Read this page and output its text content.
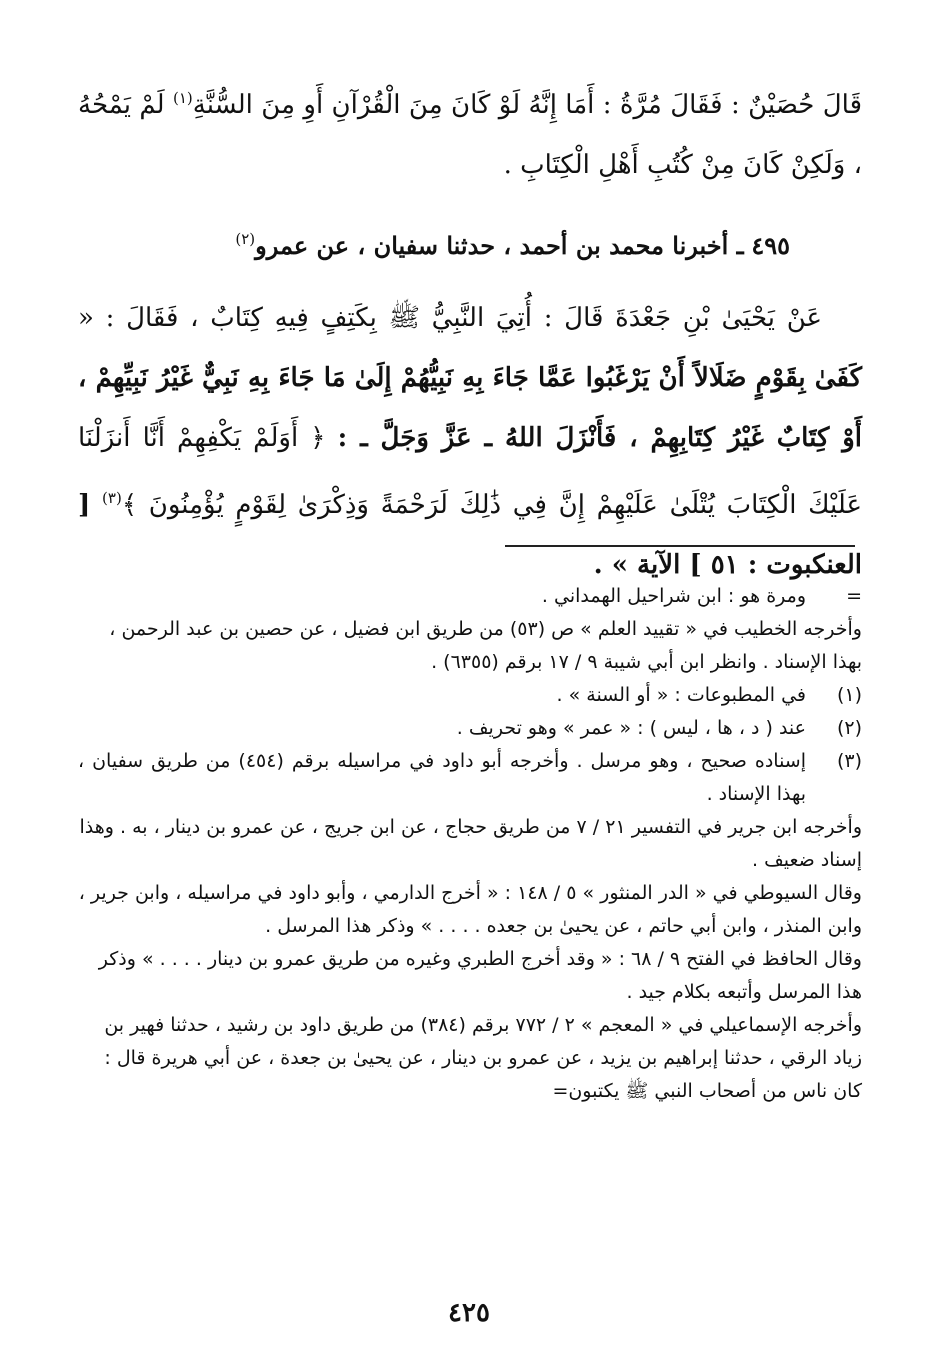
قَالَ حُصَيْنٌ : فَقَالَ مُرَّةُ : أَمَا إِنَّهُ لَوْ كَانَ مِنَ الْقُرْآنِ أَوِ مِنَ السُّنَّةِ$^{(١)}$ لَمْ يَمْحُهُ ، وَلَكِنْ كَانَ مِنْ كُتُبِ أَهْلِ الْكِتَابِ .

٤٩٥ ـ أخبرنا محمد بن أحمد ، حدثنا سفيان ، عن عمرو$^{(٢)}$

عَنْ يَحْيَىٰ بْنِ جَعْدَةَ قَالَ : أُتِيَ النَّبِيُّ ﷺ بِكَتِفٍ فِيهِ كِتَابٌ ، فَقَالَ : « كَفَىٰ بِقَوْمٍ ضَلَالاً أَنْ يَرْغَبُوا عَمَّا جَاءَ بِهِ نَبِيُّهُمْ إِلَىٰ مَا جَاءَ بِهِ نَبِيٌّ غَيْرُ نَبِيِّهِمْ ، أَوْ كِتَابٌ غَيْرُ كِتَابِهِمْ ، فَأَنْزَلَ اللهُ ـ عَزَّ وَجَلَّ ـ : ﴿ أَوَلَمْ يَكْفِهِمْ أَنَّا أَنزَلْنَا عَلَيْكَ الْكِتَابَ يُتْلَىٰ عَلَيْهِمْ إِنَّ فِي ذَٰلِكَ لَرَحْمَةً وَذِكْرَىٰ لِقَوْمٍ يُؤْمِنُونَ ﴾$^{(٣)}$ [ العنكبوت : ٥١ ] الآية » .

=
ومرة هو : ابن شراحيل الهمداني .
وأخرجه الخطيب في « تقييد العلم » ص (٥٣) من طريق ابن فضيل ، عن حصين بن عبد الرحمن ، بهذا الإسناد . وانظر ابن أبي شيبة ٩ / ١٧ برقم (٦٣٥٥) .
(١)
في المطبوعات : « أو السنة » .
(٢)
عند ( د ، ها ، ليس ) : « عمر » وهو تحريف .
(٣)
إسناده صحيح ، وهو مرسل . وأخرجه أبو داود في مراسيله برقم (٤٥٤) من طريق سفيان ، بهذا الإسناد .
وأخرجه ابن جرير في التفسير ٢١ / ٧ من طريق حجاج ، عن ابن جريج ، عن عمرو بن دينار ، به . وهذا إسناد ضعيف .
وقال السيوطي في « الدر المنثور » ٥ / ١٤٨ : « أخرج الدارمي ، وأبو داود في مراسيله ، وابن جرير ، وابن المنذر ، وابن أبي حاتم ، عن يحيىٰ بن جعده . . . . » وذكر هذا المرسل .
وقال الحافظ في الفتح ٩ / ٦٨ : « وقد أخرج الطبري وغيره من طريق عمرو بن دينار . . . . » وذكر هذا المرسل وأتبعه بكلام جيد .
وأخرجه الإسماعيلي في « المعجم » ٢ / ٧٧٢ برقم (٣٨٤) من طريق داود بن رشيد ، حدثنا فهير بن زياد الرقي ، حدثنا إبراهيم بن يزيد ، عن عمرو بن دينار ، عن يحيىٰ بن جعدة ، عن أبي هريرة قال : كان ناس من أصحاب النبي ﷺ يكتبون=
٤٢٥
